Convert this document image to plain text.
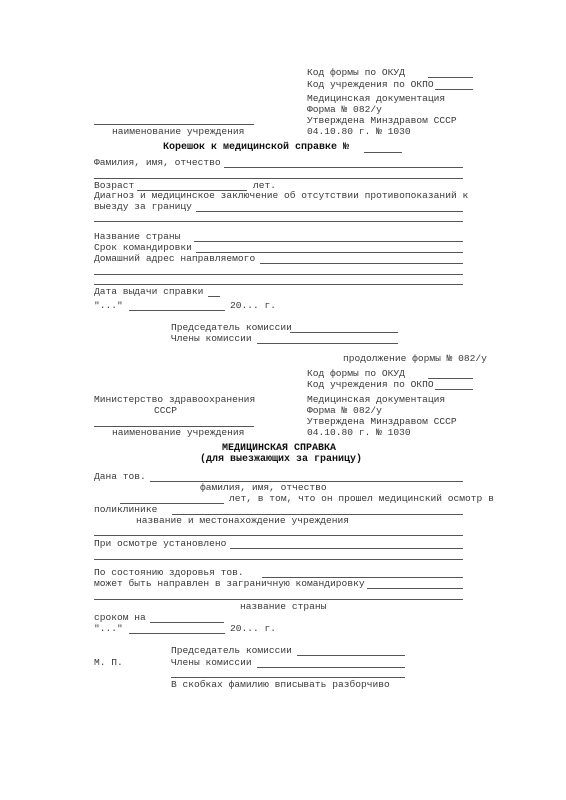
Код формы по ОКУД
Код учреждения по ОКПО
Медицинская документация
Форма № 082/у
Утверждена Минздравом СССР
04.10.80 г. № 1030
наименование учреждения
Корешок к медицинской справке №
Фамилия, имя, отчество
Возраст	лет.
Диагноз и медицинское заключение об отсутствии противопоказаний к
выезду за границу
Название страны
Срок командировки
Домашний адрес направляемого
Дата выдачи справки
"..."	20... г.
Председатель комиссии
Члены комиссии
продолжение формы № 082/у
Код формы по ОКУД
Код учреждения по ОКПО
Медицинская документация
Форма № 082/у
Утверждена Минздравом СССР
04.10.80 г. № 1030
Министерство здравоохранения
СССР
наименование учреждения
МЕДИЦИНСКАЯ СПРАВКА
(для выезжающих за границу)
Дана тов.
фамилия, имя, отчество
лет, в том, что он прошел медицинский осмотр в
поликлинике
название и местонахождение учреждения
При осмотре установлено
По состоянию здоровья тов.
может быть направлен в заграничную командировку
название страны
сроком на
"..."	20... г.
Председатель комиссии
М. П.	Члены комиссии
В скобках фамилию вписывать разборчиво
